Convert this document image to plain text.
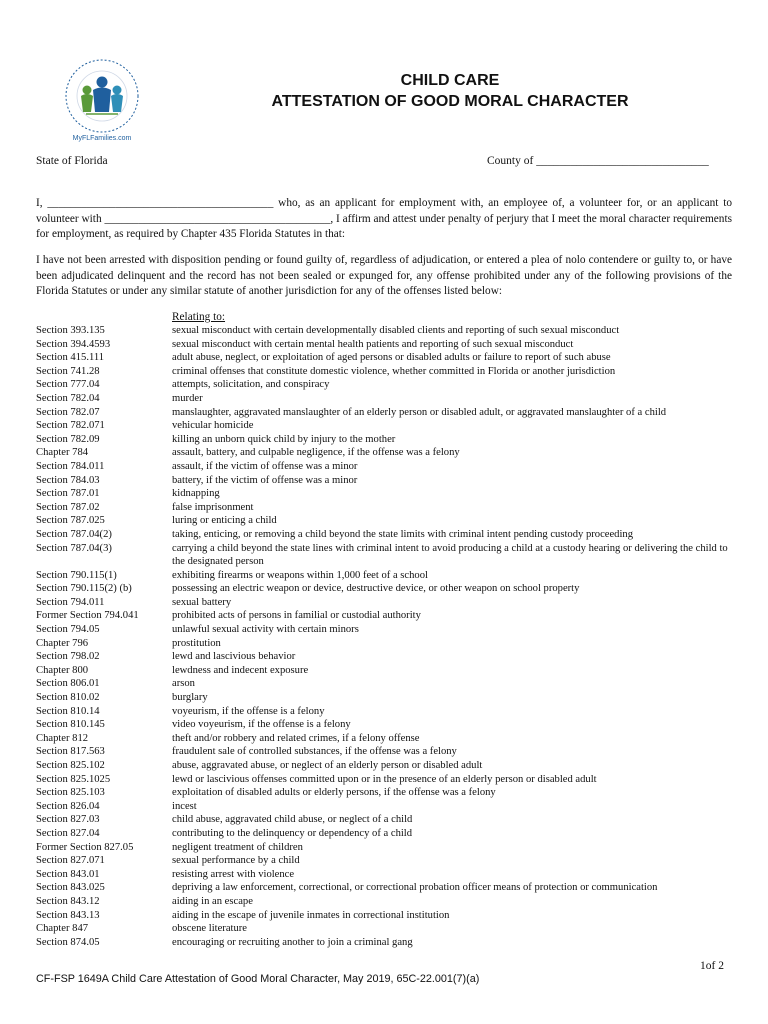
MyFLFamilies.com
CHILD CARE
ATTESTATION OF GOOD MORAL CHARACTER
State of Florida	County of ______________________________
I, ________________________________________ who, as an applicant for employment with, an employee of, a volunteer for, or an applicant to volunteer with ________________________________________, I affirm and attest under penalty of perjury that I meet the moral character requirements for employment, as required by Chapter 435 Florida Statutes in that:
I have not been arrested with disposition pending or found guilty of, regardless of adjudication, or entered a plea of nolo contendere or guilty to, or have been adjudicated delinquent and the record has not been sealed or expunged for, any offense prohibited under any of the following provisions of the Florida Statutes or under any similar statute of another jurisdiction for any of the offenses listed below:
Relating to:
Section 393.135	sexual misconduct with certain developmentally disabled clients and reporting of such sexual misconduct
Section 394.4593	sexual misconduct with certain mental health patients and reporting of such sexual misconduct
Section 415.111	adult abuse, neglect, or exploitation of aged persons or disabled adults or failure to report of such abuse
Section 741.28	criminal offenses that constitute domestic violence, whether committed in Florida or another jurisdiction
Section 777.04	attempts, solicitation, and conspiracy
Section 782.04	murder
Section 782.07	manslaughter, aggravated manslaughter of an elderly person or disabled adult, or aggravated manslaughter of a child
Section 782.071	vehicular homicide
Section 782.09	killing an unborn quick child by injury to the mother
Chapter 784	assault, battery, and culpable negligence, if the offense was a felony
Section 784.011	assault, if the victim of offense was a minor
Section 784.03	battery, if the victim of offense was a minor
Section 787.01	kidnapping
Section 787.02	false imprisonment
Section 787.025	luring or enticing a child
Section 787.04(2)	taking, enticing, or removing a child beyond the state limits with criminal intent pending custody proceeding
Section 787.04(3)	carrying a child beyond the state lines with criminal intent to avoid producing a child at a custody hearing or delivering the child to the designated person
Section 790.115(1)	exhibiting firearms or weapons within 1,000 feet of a school
Section 790.115(2) (b)	possessing an electric weapon or device, destructive device, or other weapon on school property
Section 794.011	sexual battery
Former Section 794.041	prohibited acts of persons in familial or custodial authority
Section 794.05	unlawful sexual activity with certain minors
Chapter 796	prostitution
Section 798.02	lewd and lascivious behavior
Chapter 800	lewdness and indecent exposure
Section 806.01	arson
Section 810.02	burglary
Section 810.14	voyeurism, if the offense is a felony
Section 810.145	video voyeurism, if the offense is a felony
Chapter 812	theft and/or robbery and related crimes, if a felony offense
Section 817.563	fraudulent sale of controlled substances, if the offense was a felony
Section 825.102	abuse, aggravated abuse, or neglect of an elderly person or disabled adult
Section 825.1025	lewd or lascivious offenses committed upon or in the presence of an elderly person or disabled adult
Section 825.103	exploitation of disabled adults or elderly persons, if the offense was a felony
Section 826.04	incest
Section 827.03	child abuse, aggravated child abuse, or neglect of a child
Section 827.04	contributing to the delinquency or dependency of a child
Former Section 827.05	negligent treatment of children
Section 827.071	sexual performance by a child
Section 843.01	resisting arrest with violence
Section 843.025	depriving a law enforcement, correctional, or correctional probation officer means of protection or communication
Section 843.12	aiding in an escape
Section 843.13	aiding in the escape of juvenile inmates in correctional institution
Chapter 847	obscene literature
Section 874.05	encouraging or recruiting another to join a criminal gang
1of 2
CF-FSP 1649A Child Care Attestation of Good Moral Character, May 2019, 65C-22.001(7)(a)
